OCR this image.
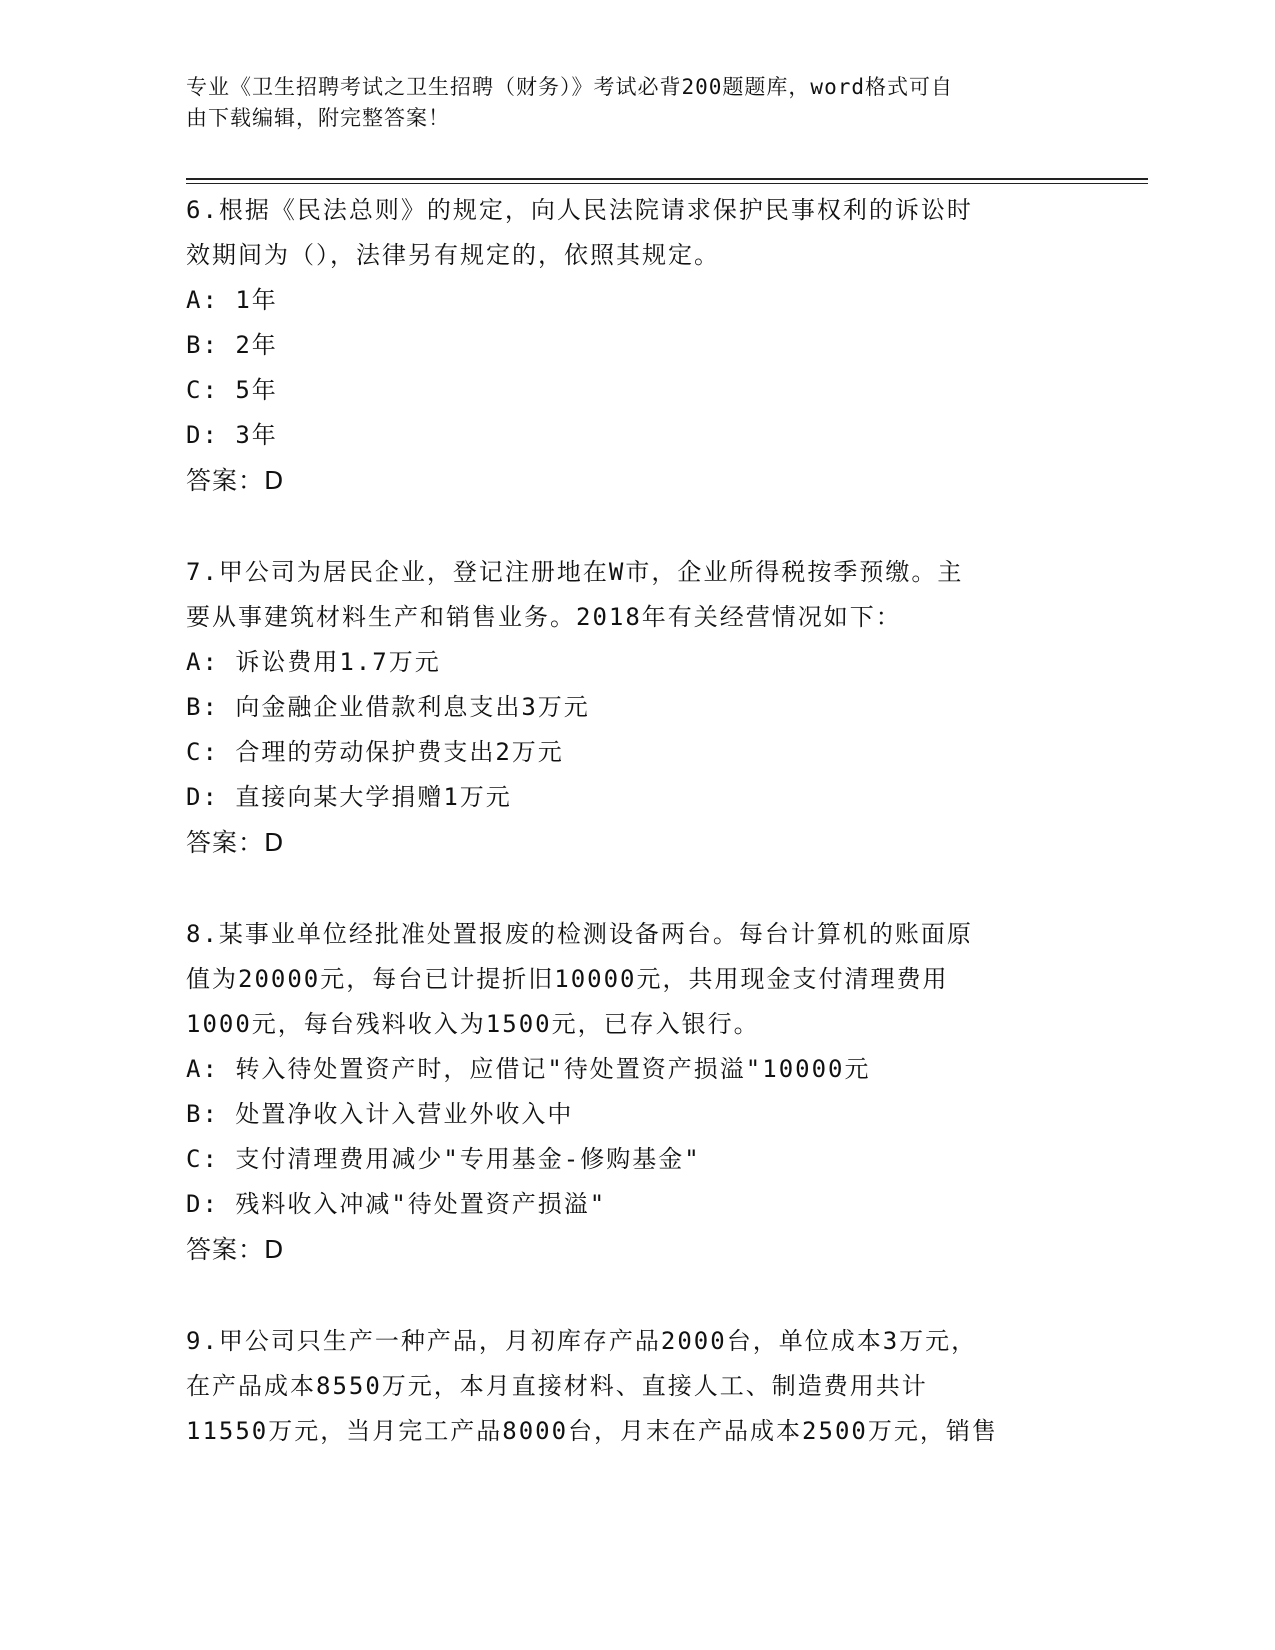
专业《卫生招聘考试之卫生招聘（财务）》考试必背200题题库，word格式可自
由下载编辑，附完整答案！
6.根据《民法总则》的规定，向人民法院请求保护民事权利的诉讼时
效期间为（），法律另有规定的，依照其规定。
A: 1年
B: 2年
C: 5年
D: 3年
答案：D
7.甲公司为居民企业，登记注册地在W市，企业所得税按季预缴。主
要从事建筑材料生产和销售业务。2018年有关经营情况如下：
A: 诉讼费用1.7万元
B: 向金融企业借款利息支出3万元
C: 合理的劳动保护费支出2万元
D: 直接向某大学捐赠1万元
答案：D
8.某事业单位经批准处置报废的检测设备两台。每台计算机的账面原
值为20000元，每台已计提折旧10000元，共用现金支付清理费用
1000元，每台残料收入为1500元，已存入银行。
A: 转入待处置资产时，应借记"待处置资产损溢"10000元
B: 处置净收入计入营业外收入中
C: 支付清理费用减少"专用基金-修购基金"
D: 残料收入冲减"待处置资产损溢"
答案：D
9.甲公司只生产一种产品，月初库存产品2000台，单位成本3万元，
在产品成本8550万元，本月直接材料、直接人工、制造费用共计
11550万元，当月完工产品8000台，月末在产品成本2500万元，销售
